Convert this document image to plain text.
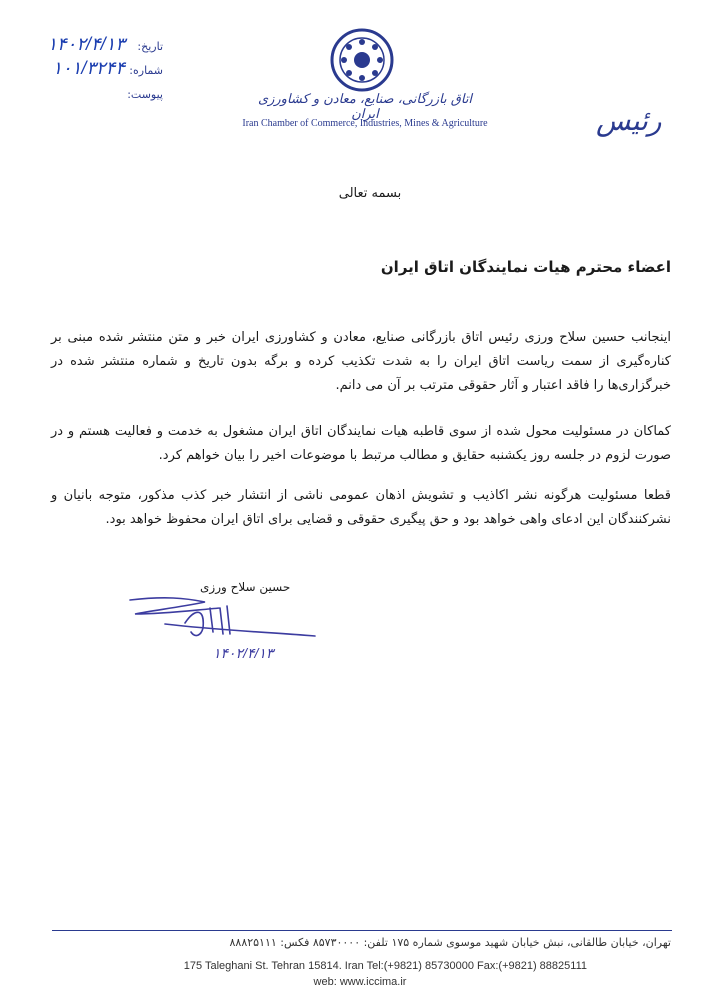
تاریخ:
۱۴۰۲/۴/۱۳
شماره:
۱۰۱/۳۲۴۴
پیوست:	اتاق بازرگانی، صنایع، معادن و کشاورزی ایران
Iran Chamber of Commerce, Industries, Mines & Agriculture	رئیس
بسمه تعالی
اعضاء محترم هیات نمایندگان اتاق ایران
اینجانب حسین سلاح ورزی رئیس اتاق بازرگانی صنایع، معادن و کشاورزی ایران خبر و متن منتشر شده مبنی بر کناره‌گیری از سمت ریاست اتاق ایران را به شدت تکذیب کرده و برگه بدون تاریخ و شماره منتشر شده در خبرگزاری‌ها را فاقد اعتبار و آثار حقوقی مترتب بر آن می دانم.
کماکان در مسئولیت محول شده از سوی قاطبه هیات نمایندگان اتاق ایران مشغول به خدمت و فعالیت هستم و در صورت لزوم در جلسه روز یکشنبه حقایق و مطالب مرتبط با موضوعات اخیر را بیان خواهم کرد.
قطعا مسئولیت هرگونه نشر اکاذیب و تشویش اذهان عمومی ناشی از انتشار خبر کذب مذکور، متوجه بانیان و نشرکنندگان این ادعای واهی خواهد بود و حق پیگیری حقوقی و قضایی برای اتاق ایران محفوظ خواهد بود.
حسین سلاح ورزی
۱۴۰۲/۴/۱۳
تهران، خیابان طالقانی، نبش خیابان شهید موسوی شماره ۱۷۵ تلفن: ۸۵۷۳۰۰۰۰ فکس: ۸۸۸۲۵۱۱۱
175 Taleghani St. Tehran 15814. Iran Tel:(+9821) 85730000 Fax:(+9821) 88825111
web: www.iccima.ir
